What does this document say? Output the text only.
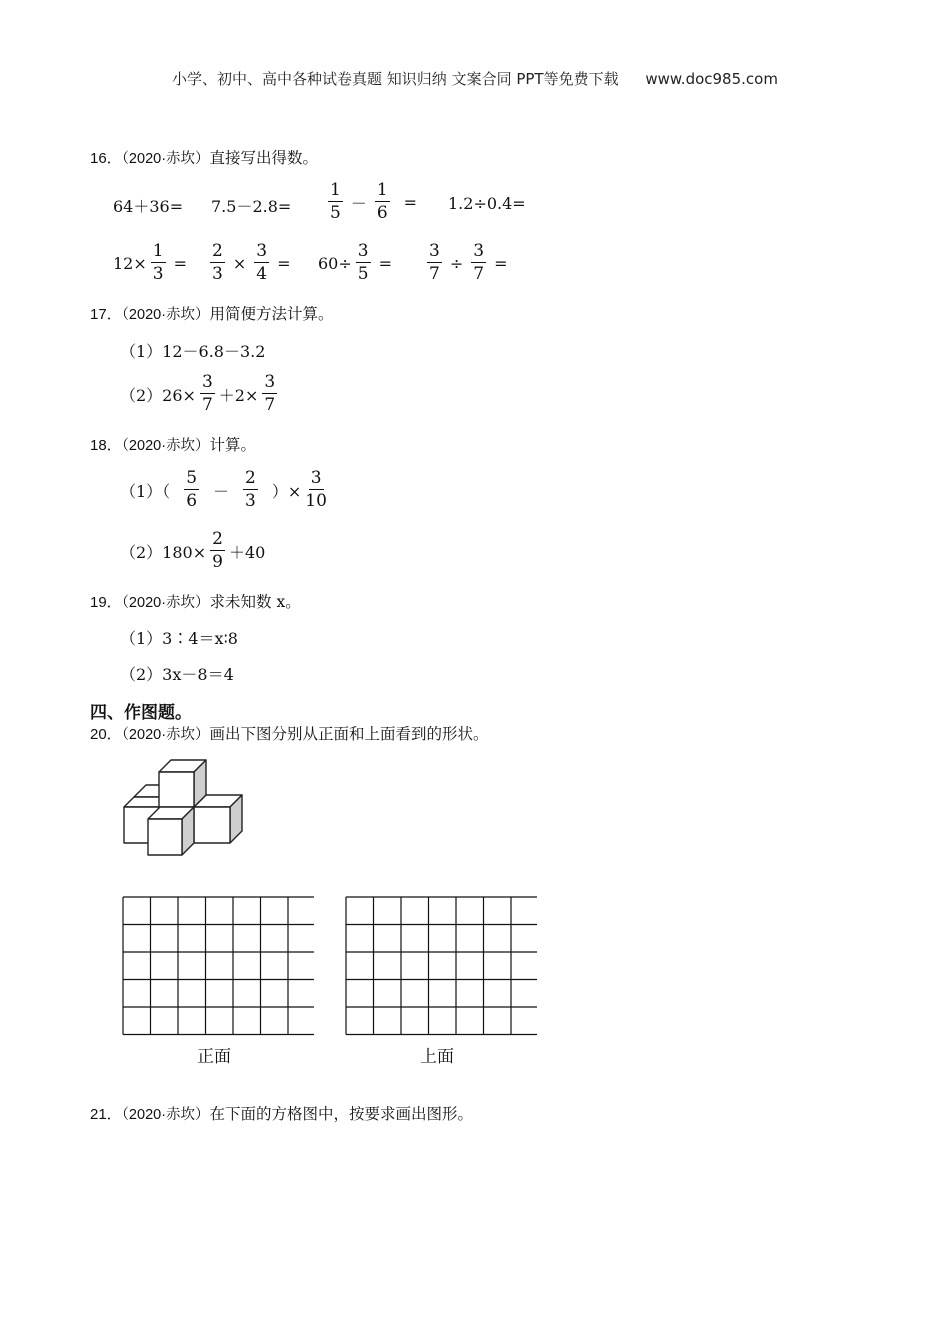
小学、初中、高中各种试卷真题 知识归纳 文案合同 PPT等免费下载 www.doc985.com
16．（2020·赤坎）直接写出得数。
$64+36= 7.5-2.8= \frac{1}{5} - \frac{1}{6} = 1.2\div 0.4=$
$12\times \frac{1}{3} = \frac{2}{3} \times \frac{3}{4} = 60\div \frac{3}{5} = \frac{3}{7} \div \frac{3}{7}$ =
17．（2020·赤坎）用简便方法计算。
（1）12－6.8－3.2
$(2)26\times \frac{3}{7} +2\times \frac{3}{7}$
18．（2020·赤坎）计算。
$(1)( \frac{5}{6} - \frac{2}{3}$ ）× $\frac{3}{10}$
$(2)180\times \frac{2}{9} +40$
19．（2020·赤坎）求未知数 x。
（1）3∶4＝x∶8
（2）3x－8＝4
四、作图题。
20．（2020·赤坎）画出下图分别从正面和上面看到的形状。
正面	上面
21．（2020·赤坎）在下面的方格图中，按要求画出图形。
